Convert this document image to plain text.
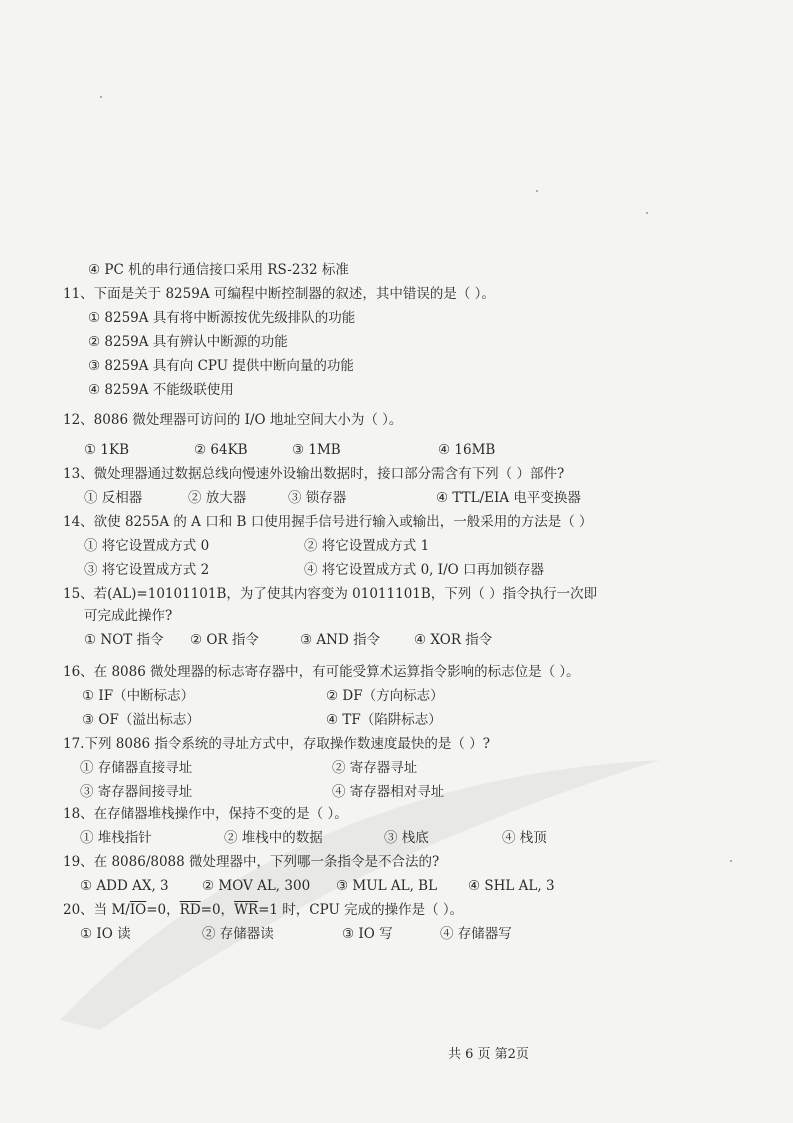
④ PC 机的串行通信接口采用 RS-232 标准
11、下面是关于 8259A 可编程中断控制器的叙述，其中错误的是（ ）。
① 8259A 具有将中断源按优先级排队的功能
② 8259A 具有辨认中断源的功能
③ 8259A 具有向 CPU 提供中断向量的功能
④ 8259A 不能级联使用
12、8086 微处理器可访问的 I/O 地址空间大小为（ ）。
① 1KB	② 64KB	③ 1MB	④ 16MB
13、微处理器通过数据总线向慢速外设输出数据时，接口部分需含有下列（ ）部件?
① 反相器	② 放大器	③ 锁存器	④ TTL/EIA 电平变换器
14、欲使 8255A 的 A 口和 B 口使用握手信号进行输入或输出，一般采用的方法是（ ）
① 将它设置成方式 0	② 将它设置成方式 1
③ 将它设置成方式 2	④ 将它设置成方式 0, I/O 口再加锁存器
15、若(AL)=10101101B，为了使其内容变为 01011101B，下列（ ）指令执行一次即
可完成此操作?
① NOT 指令 ② OR 指令	③ AND 指令	④ XOR 指令
16、在 8086 微处理器的标志寄存器中，有可能受算术运算指令影响的标志位是（ ）。
① IF（中断标志）	② DF（方向标志）
③ OF（溢出标志）	④ TF（陷阱标志）
17.下列 8086 指令系统的寻址方式中，存取操作数速度最快的是（ ）?
① 存储器直接寻址	② 寄存器寻址
③ 寄存器间接寻址	④ 寄存器相对寻址
18、在存储器堆栈操作中，保持不变的是（ ）。
① 堆栈指针	② 堆栈中的数据	③ 栈底	④ 栈顶
19、在 8086/8088 微处理器中，下列哪一条指令是不合法的?
① ADD AX, 3 ② MOV AL, 300 ③ MUL AL, BL ④ SHL AL, 3
20、当 $M/\overline{IO}=0$，$\overline{RD}=0$，$\overline{WR}=1$ 时，CPU 完成的操作是（ ）。
① IO 读	② 存储器读	③ IO 写	④ 存储器写
共 6 页 第2页
